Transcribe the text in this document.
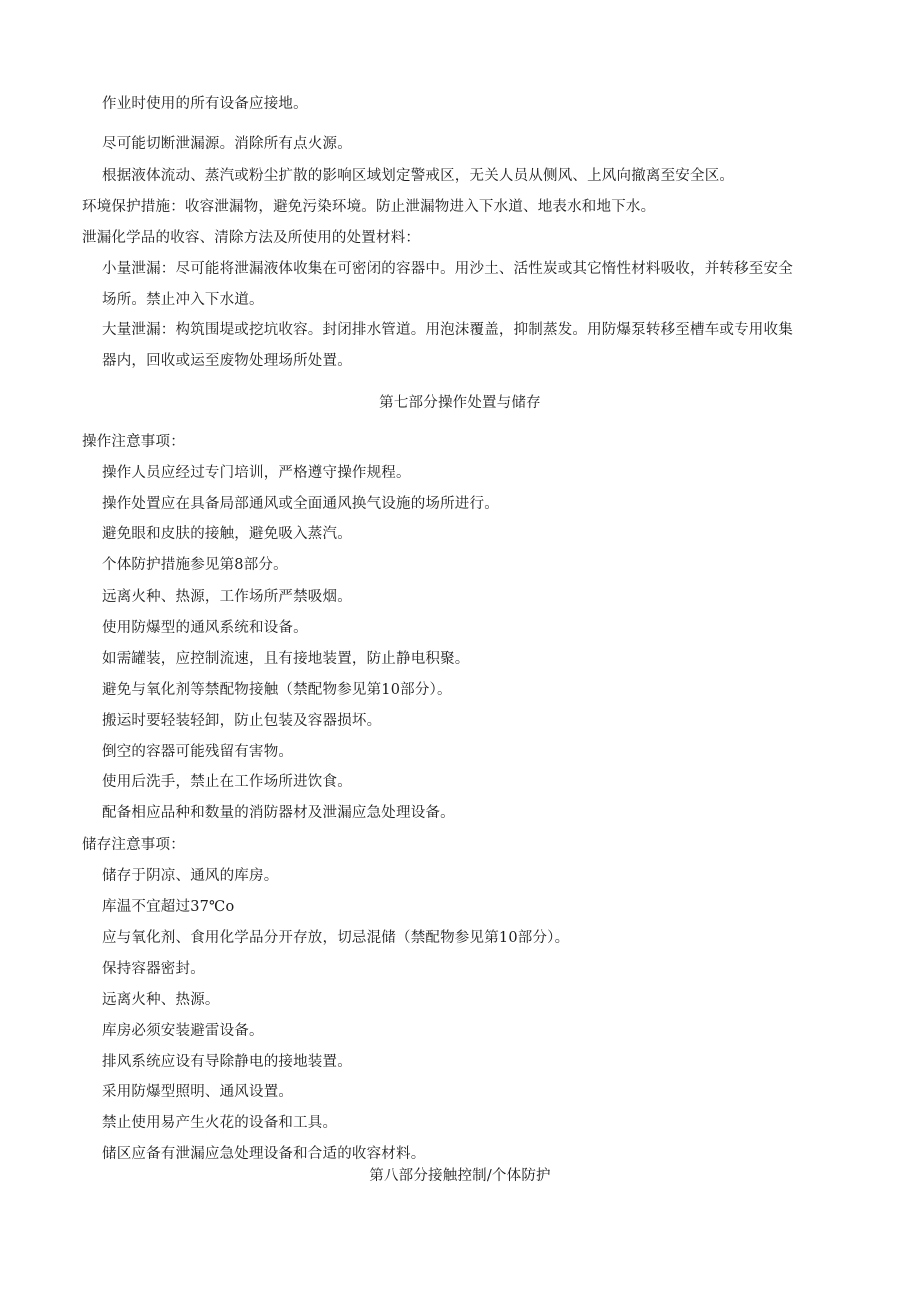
作业时使用的所有设备应接地。
尽可能切断泄漏源。消除所有点火源。
根据液体流动、蒸汽或粉尘扩散的影响区域划定警戒区，无关人员从侧风、上风向撤离至安全区。
环境保护措施：收容泄漏物，避免污染环境。防止泄漏物进入下水道、地表水和地下水。
泄漏化学品的收容、清除方法及所使用的处置材料：
小量泄漏：尽可能将泄漏液体收集在可密闭的容器中。用沙土、活性炭或其它惰性材料吸收，并转移至安全
场所。禁止冲入下水道。
大量泄漏：构筑围堤或挖坑收容。封闭排水管道。用泡沫覆盖，抑制蒸发。用防爆泵转移至槽车或专用收集
器内，回收或运至废物处理场所处置。
第七部分操作处置与储存
操作注意事项：
操作人员应经过专门培训，严格遵守操作规程。
操作处置应在具备局部通风或全面通风换气设施的场所进行。
避免眼和皮肤的接触，避免吸入蒸汽。
个体防护措施参见第8部分。
远离火种、热源，工作场所严禁吸烟。
使用防爆型的通风系统和设备。
如需罐装，应控制流速，且有接地装置，防止静电积聚。
避免与氧化剂等禁配物接触（禁配物参见第10部分）。
搬运时要轻装轻卸，防止包装及容器损坏。
倒空的容器可能残留有害物。
使用后洗手，禁止在工作场所进饮食。
配备相应品种和数量的消防器材及泄漏应急处理设备。
储存注意事项：
储存于阴凉、通风的库房。
库温不宜超过37℃o
应与氧化剂、食用化学品分开存放，切忌混储（禁配物参见第10部分）。
保持容器密封。
远离火种、热源。
库房必须安装避雷设备。
排风系统应设有导除静电的接地装置。
采用防爆型照明、通风设置。
禁止使用易产生火花的设备和工具。
储区应备有泄漏应急处理设备和合适的收容材料。
第八部分接触控制/个体防护
